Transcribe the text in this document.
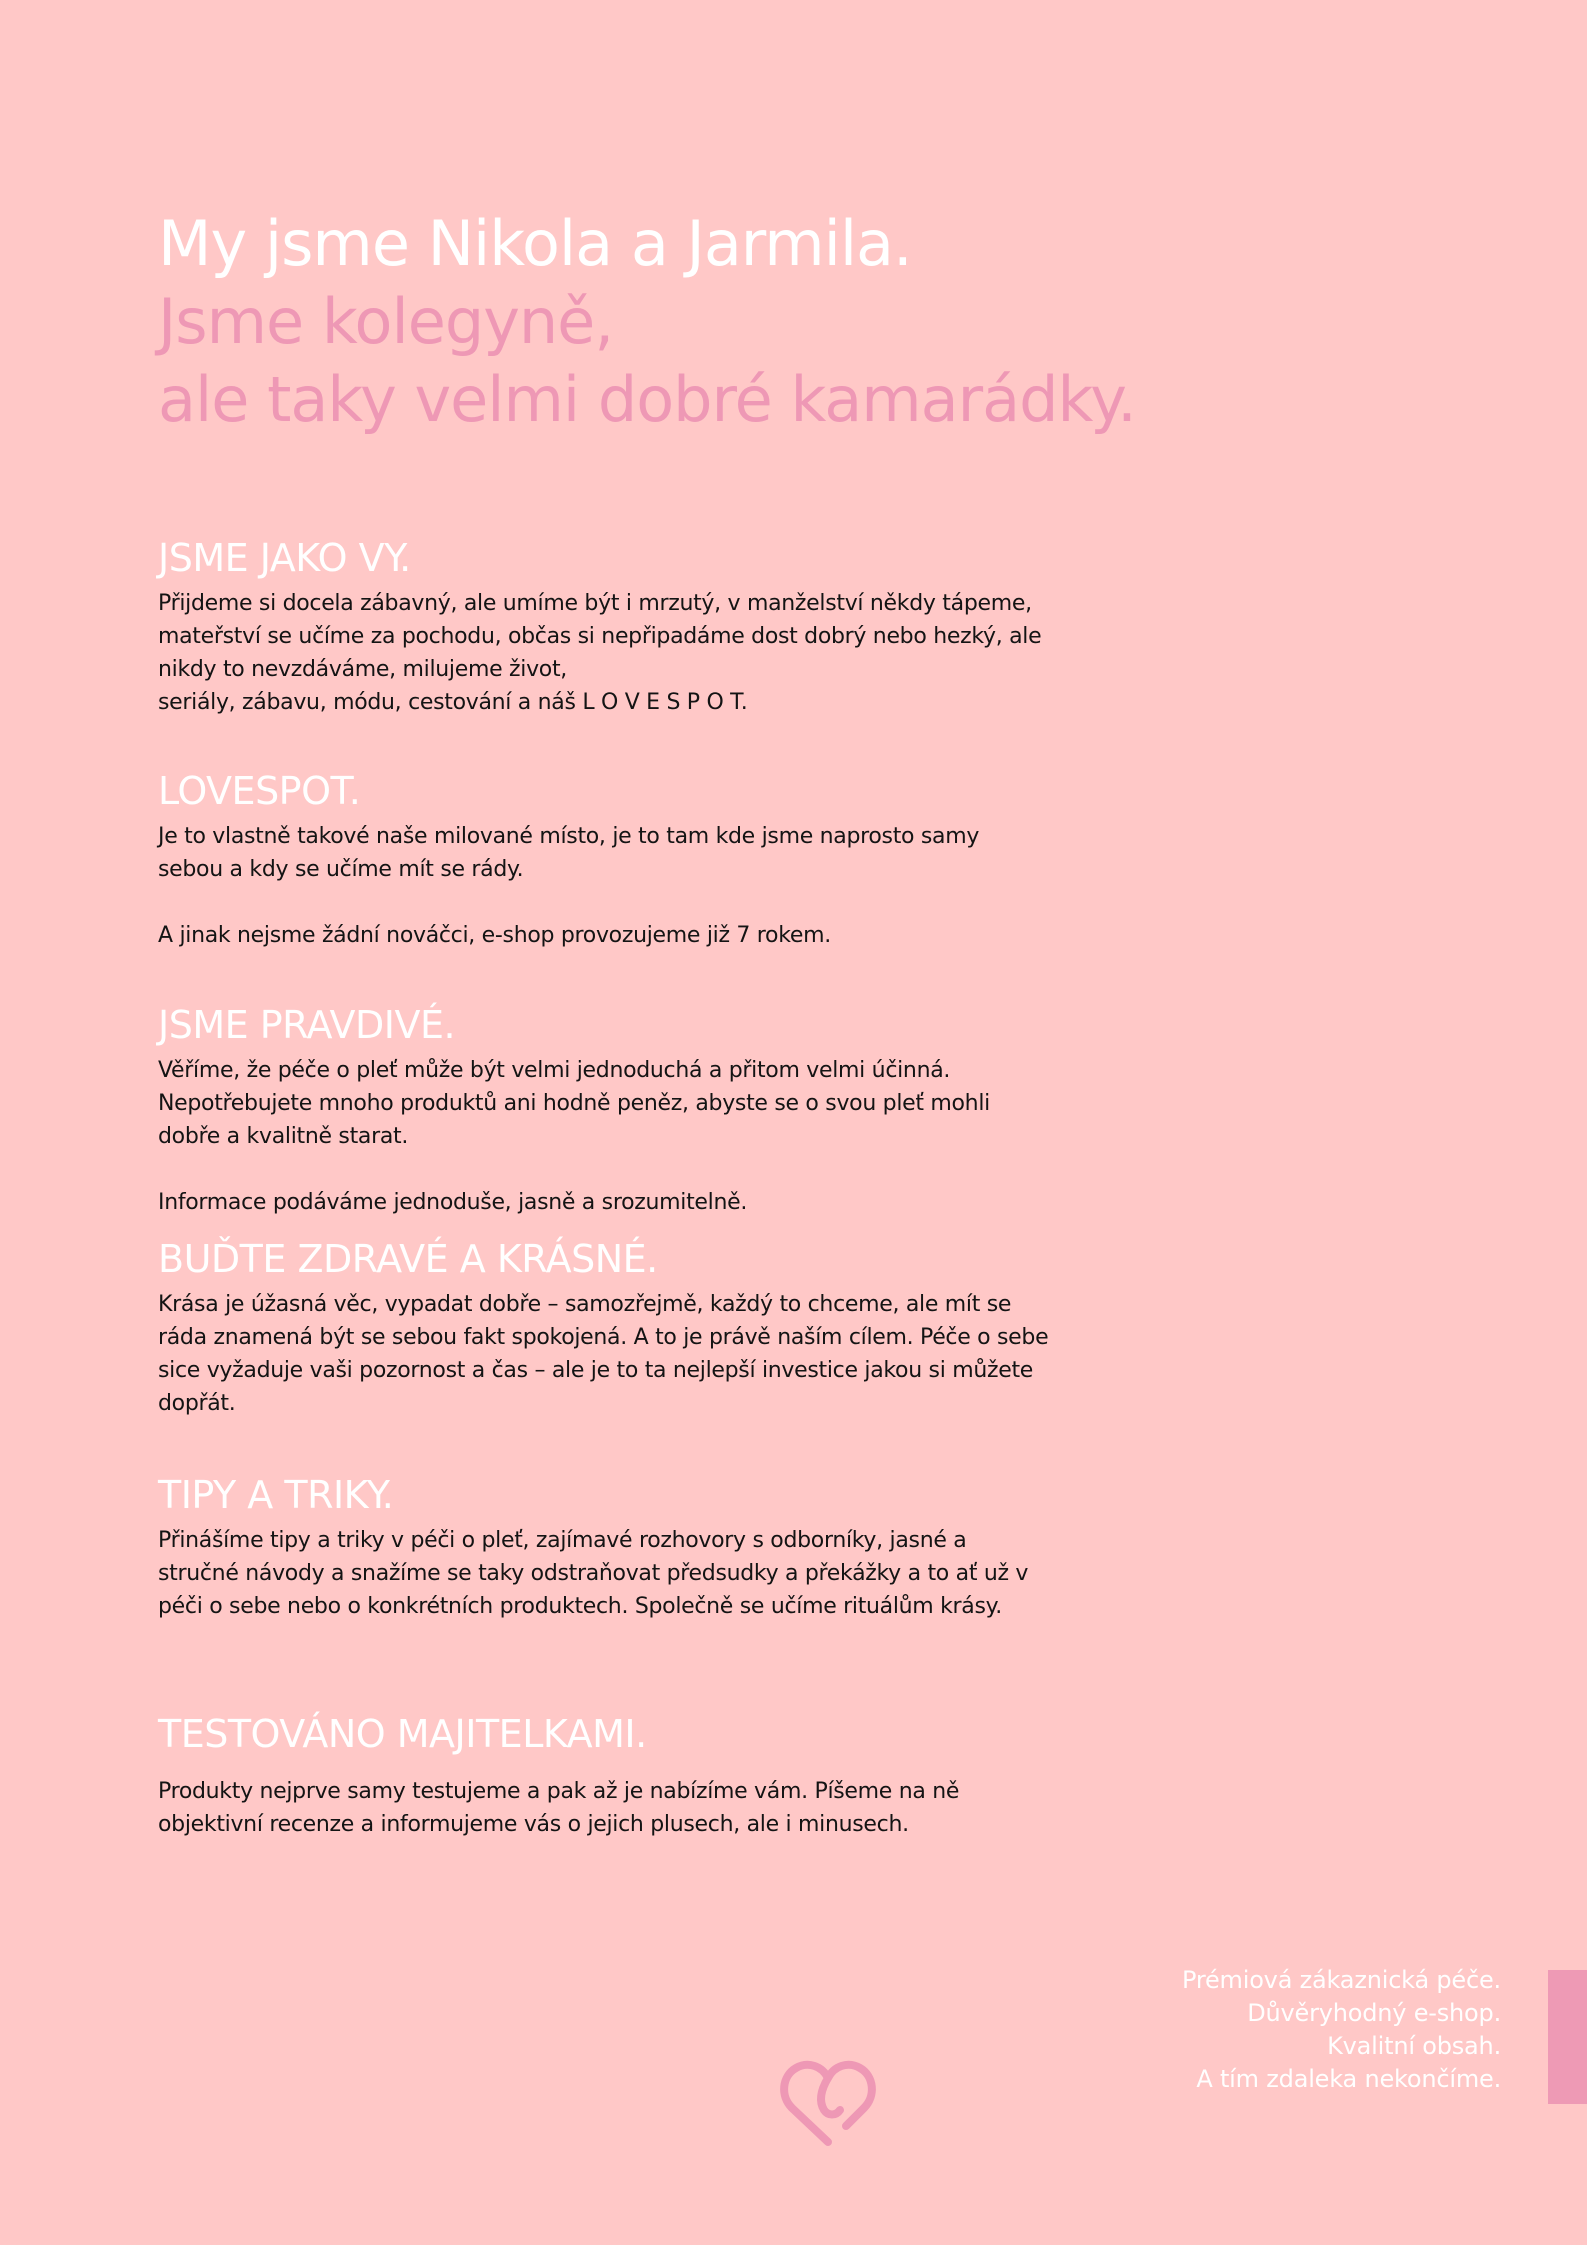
My jsme Nikola a Jarmila.
Jsme kolegyně,
ale taky velmi dobré kamarádky.
JSME JAKO VY.

Přijdeme si docela zábavný, ale umíme být i mrzutý, v manželství někdy tápeme,
mateřství se učíme za pochodu, občas si nepřipadáme dost dobrý nebo hezký, ale
nikdy to nevzdáváme, milujeme život,
seriály, zábavu, módu, cestování a náš L O V E S P O T.

LOVESPOT.

Je to vlastně takové naše milované místo, je to tam kde jsme naprosto samy
sebou a kdy se učíme mít se rády.

A jinak nejsme žádní nováčci, e-shop provozujeme již 7 rokem.

JSME PRAVDIVÉ.

Věříme, že péče o pleť může být velmi jednoduchá a přitom velmi účinná.
Nepotřebujete mnoho produktů ani hodně peněz, abyste se o svou pleť mohli
dobře a kvalitně starat.

Informace podáváme jednoduše, jasně a srozumitelně.

BUĎTE ZDRAVÉ A KRÁSNÉ.

Krása je úžasná věc, vypadat dobře – samozřejmě, každý to chceme, ale mít se
ráda znamená být se sebou fakt spokojená. A to je právě naším cílem. Péče o sebe
sice vyžaduje vaši pozornost a čas – ale je to ta nejlepší investice jakou si můžete
dopřát.

TIPY A TRIKY.

Přinášíme tipy a triky v péči o pleť, zajímavé rozhovory s odborníky, jasné a
stručné návody a snažíme se taky odstraňovat předsudky a překážky a to ať už v
péči o sebe nebo o konkrétních produktech. Společně se učíme rituálům krásy.

TESTOVÁNO MAJITELKAMI.

Produkty nejprve samy testujeme a pak až je nabízíme vám. Píšeme na ně
objektivní recenze a informujeme vás o jejich plusech, ale i minusech.

Prémiová zákaznická péče.
Důvěryhodný e-shop.
Kvalitní obsah.
A tím zdaleka nekončíme.
